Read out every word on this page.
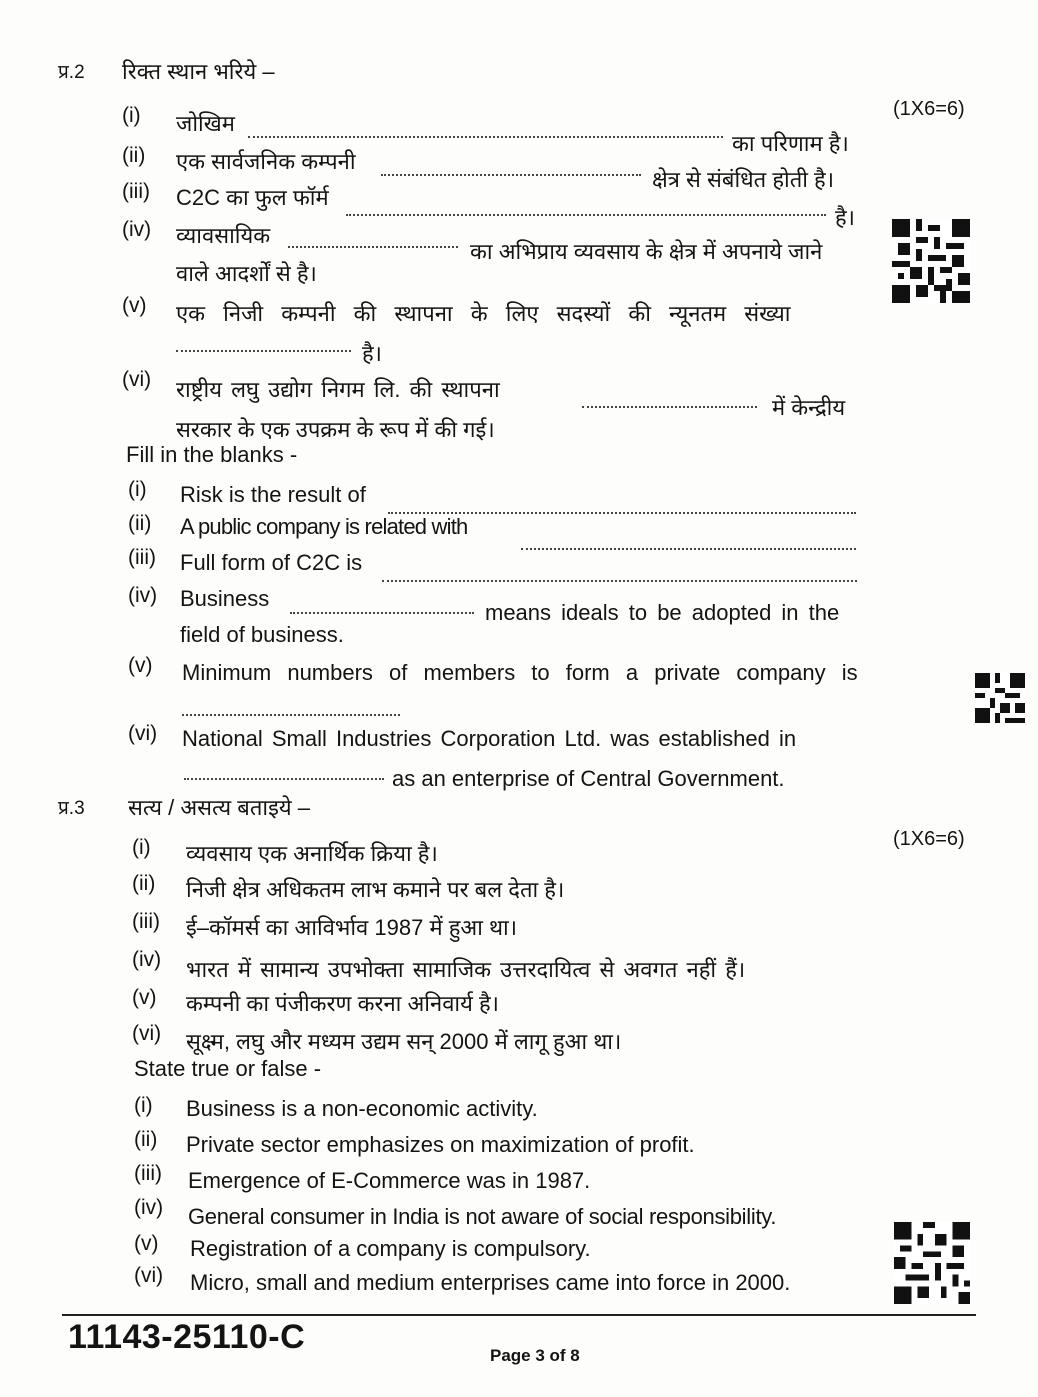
प्र.2 रिक्त स्थान भरिये –
(1X6=6)
(i) जोखिम
का परिणाम है।
(ii) एक सार्वजनिक कम्पनी
क्षेत्र से संबंधित होती है।
(iii) C2C का फुल फॉर्म
है।
(iv) व्यावसायिक
का अभिप्राय व्यवसाय के क्षेत्र में अपनाये जाने
वाले आदर्शों से है।
(v) एक निजी कम्पनी की स्थापना के लिए सदस्यों की न्यूनतम संख्या
है।
(vi) राष्ट्रीय लघु उद्योग निगम लि. की स्थापना
में केन्द्रीय
सरकार के एक उपक्रम के रूप में की गई।
Fill in the blanks -
(i) Risk is the result of
(ii) A public company is related with
(iii) Full form of C2C is
(iv) Business
means ideals to be adopted in the
field of business.
(v) Minimum numbers of members to form a private company is
(vi) National Small Industries Corporation Ltd. was established in
as an enterprise of Central Government.
प्र.3 सत्य / असत्य बताइये –
(1X6=6)
(i) व्यवसाय एक अनार्थिक क्रिया है।
(ii) निजी क्षेत्र अधिकतम लाभ कमाने पर बल देता है।
(iii) ई–कॉमर्स का आविर्भाव 1987 में हुआ था।
(iv) भारत में सामान्य उपभोक्ता सामाजिक उत्तरदायित्व से अवगत नहीं हैं।
(v) कम्पनी का पंजीकरण करना अनिवार्य है।
(vi) सूक्ष्म, लघु और मध्यम उद्यम सन् 2000 में लागू हुआ था।
State true or false -
(i) Business is a non-economic activity.
(ii) Private sector emphasizes on maximization of profit.
(iii) Emergence of E-Commerce was in 1987.
(iv) General consumer in India is not aware of social responsibility.
(v) Registration of a company is compulsory.
(vi) Micro, small and medium enterprises came into force in 2000.
11143-25110-C	Page 3 of 8
